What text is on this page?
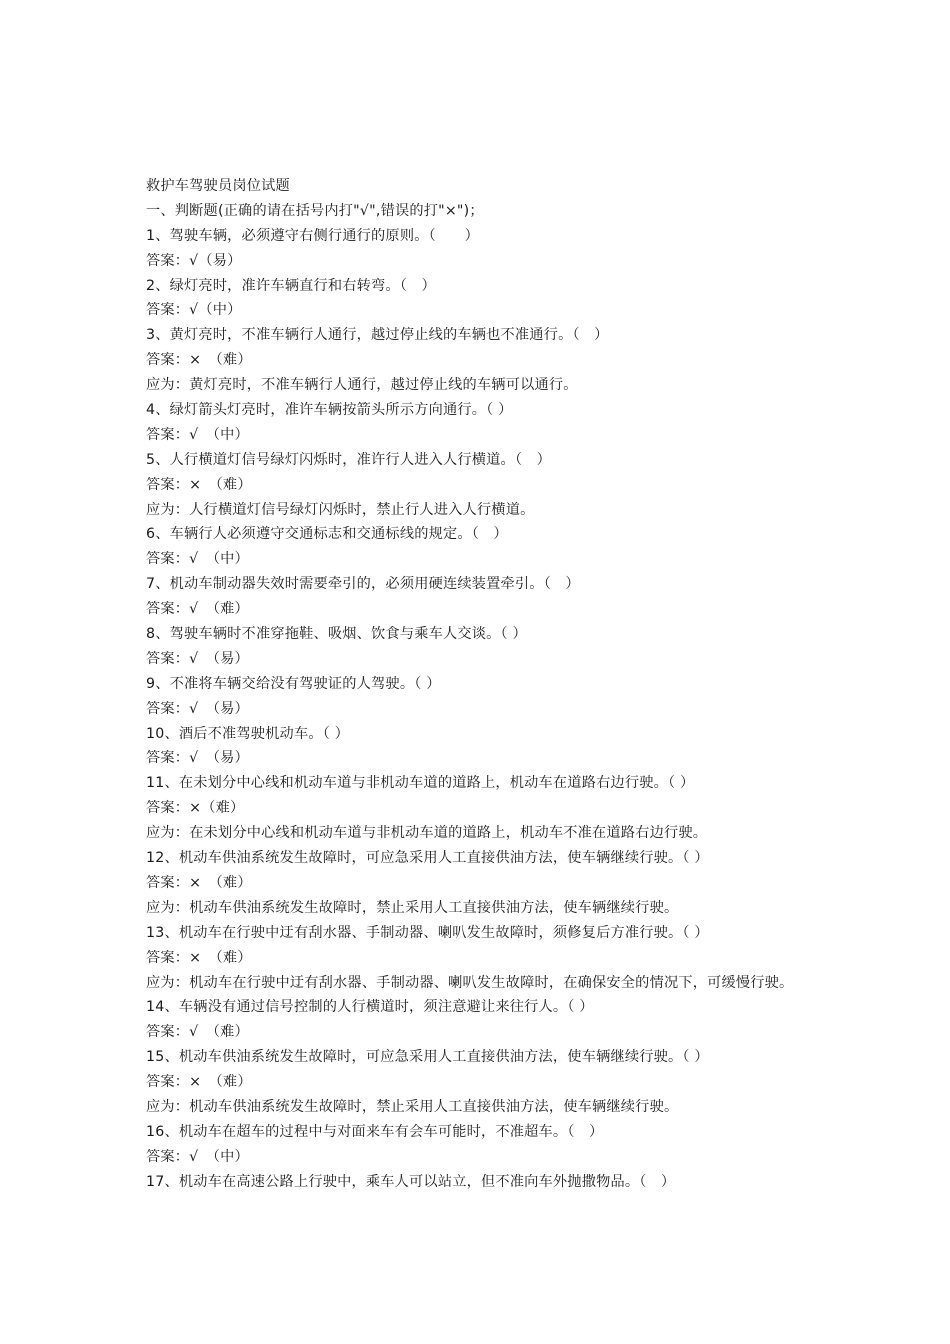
救护车驾驶员岗位试题
一、判断题(正确的请在括号内打"√",错误的打"×")；
1、驾驶车辆，必须遵守右侧行通行的原则。（　　）
答案：√（易）
2、绿灯亮时，准许车辆直行和右转弯。（　）
答案：√（中）
3、黄灯亮时，不准车辆行人通行，越过停止线的车辆也不准通行。（　）
答案：×　（难）
应为：黄灯亮时，不准车辆行人通行，越过停止线的车辆可以通行。
4、绿灯箭头灯亮时，准许车辆按箭头所示方向通行。（ ）
答案：√　（中）
5、人行横道灯信号绿灯闪烁时，准许行人进入人行横道。（　）
答案：×　（难）
应为：人行横道灯信号绿灯闪烁时，禁止行人进入人行横道。
6、车辆行人必须遵守交通标志和交通标线的规定。（　）
答案：√　（中）
7、机动车制动器失效时需要牵引的，必须用硬连续装置牵引。（　）
答案：√　（难）
8、驾驶车辆时不准穿拖鞋、吸烟、饮食与乘车人交谈。（ ）
答案：√　（易）
9、不准将车辆交给没有驾驶证的人驾驶。（ ）
答案：√　（易）
10、酒后不准驾驶机动车。（ ）
答案：√　（易）
11、在未划分中心线和机动车道与非机动车道的道路上，机动车在道路右边行驶。（ ）
答案：×（难）
应为：在未划分中心线和机动车道与非机动车道的道路上，机动车不准在道路右边行驶。
12、机动车供油系统发生故障时，可应急采用人工直接供油方法，使车辆继续行驶。（ ）
答案：×　（难）
应为：机动车供油系统发生故障时，禁止采用人工直接供油方法，使车辆继续行驶。
13、机动车在行驶中迂有刮水器、手制动器、喇叭发生故障时，须修复后方准行驶。（ ）
答案：×　（难）
应为：机动车在行驶中迂有刮水器、手制动器、喇叭发生故障时，在确保安全的情况下，可缓慢行驶。
14、车辆没有通过信号控制的人行横道时，须注意避让来往行人。（ ）
答案：√　（难）
15、机动车供油系统发生故障时，可应急采用人工直接供油方法，使车辆继续行驶。（ ）
答案：×　（难）
应为：机动车供油系统发生故障时，禁止采用人工直接供油方法，使车辆继续行驶。
16、机动车在超车的过程中与对面来车有会车可能时，不准超车。（　）
答案：√　（中）
17、机动车在高速公路上行驶中，乘车人可以站立，但不准向车外抛撒物品。（　）
